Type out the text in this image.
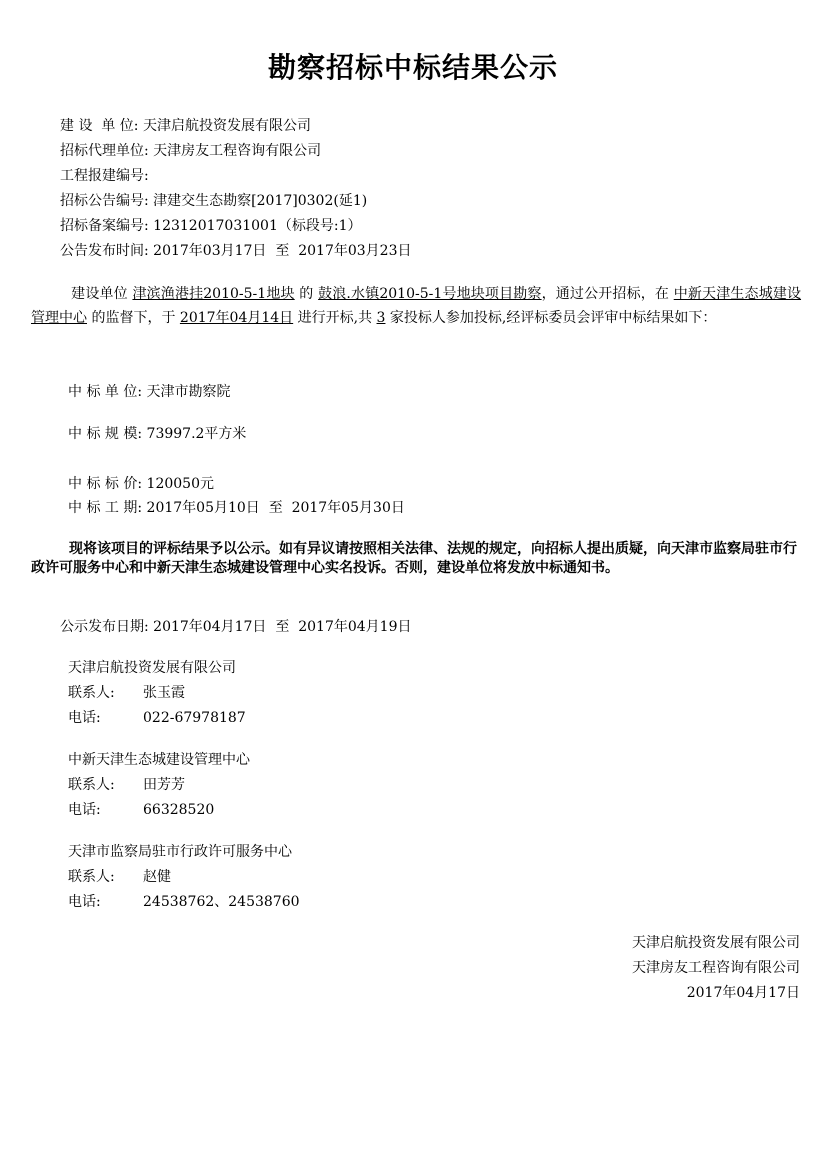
勘察招标中标结果公示
建 设  单 位: 天津启航投资发展有限公司
招标代理单位: 天津房友工程咨询有限公司
工程报建编号:
招标公告编号: 津建交生态勘察[2017]0302(延1)
招标备案编号: 12312017031001（标段号:1）
公告发布时间: 2017年03月17日  至  2017年03月23日
建设单位 津滨渔港挂2010-5-1地块 的 鼓浪.水镇2010-5-1号地块项目勘察，通过公开招标，在 中新天津生态城建设管理中心 的监督下，于 2017年04月14日 进行开标,共 3 家投标人参加投标,经评标委员会评审中标结果如下：
中 标 单 位: 天津市勘察院
中 标 规 模: 73997.2平方米
中 标 标 价: 120050元
中 标 工 期: 2017年05月10日  至  2017年05月30日
现将该项目的评标结果予以公示。如有异议请按照相关法律、法规的规定，向招标人提出质疑，向天津市监察局驻市行政许可服务中心和中新天津生态城建设管理中心实名投诉。否则，建设单位将发放中标通知书。
公示发布日期: 2017年04月17日  至  2017年04月19日
天津启航投资发展有限公司
联系人: 张玉霞
电话:	022-67978187
中新天津生态城建设管理中心
联系人: 田芳芳
电话:	66328520
天津市监察局驻市行政许可服务中心
联系人: 赵健
电话:	24538762、24538760
天津启航投资发展有限公司
天津房友工程咨询有限公司
2017年04月17日
